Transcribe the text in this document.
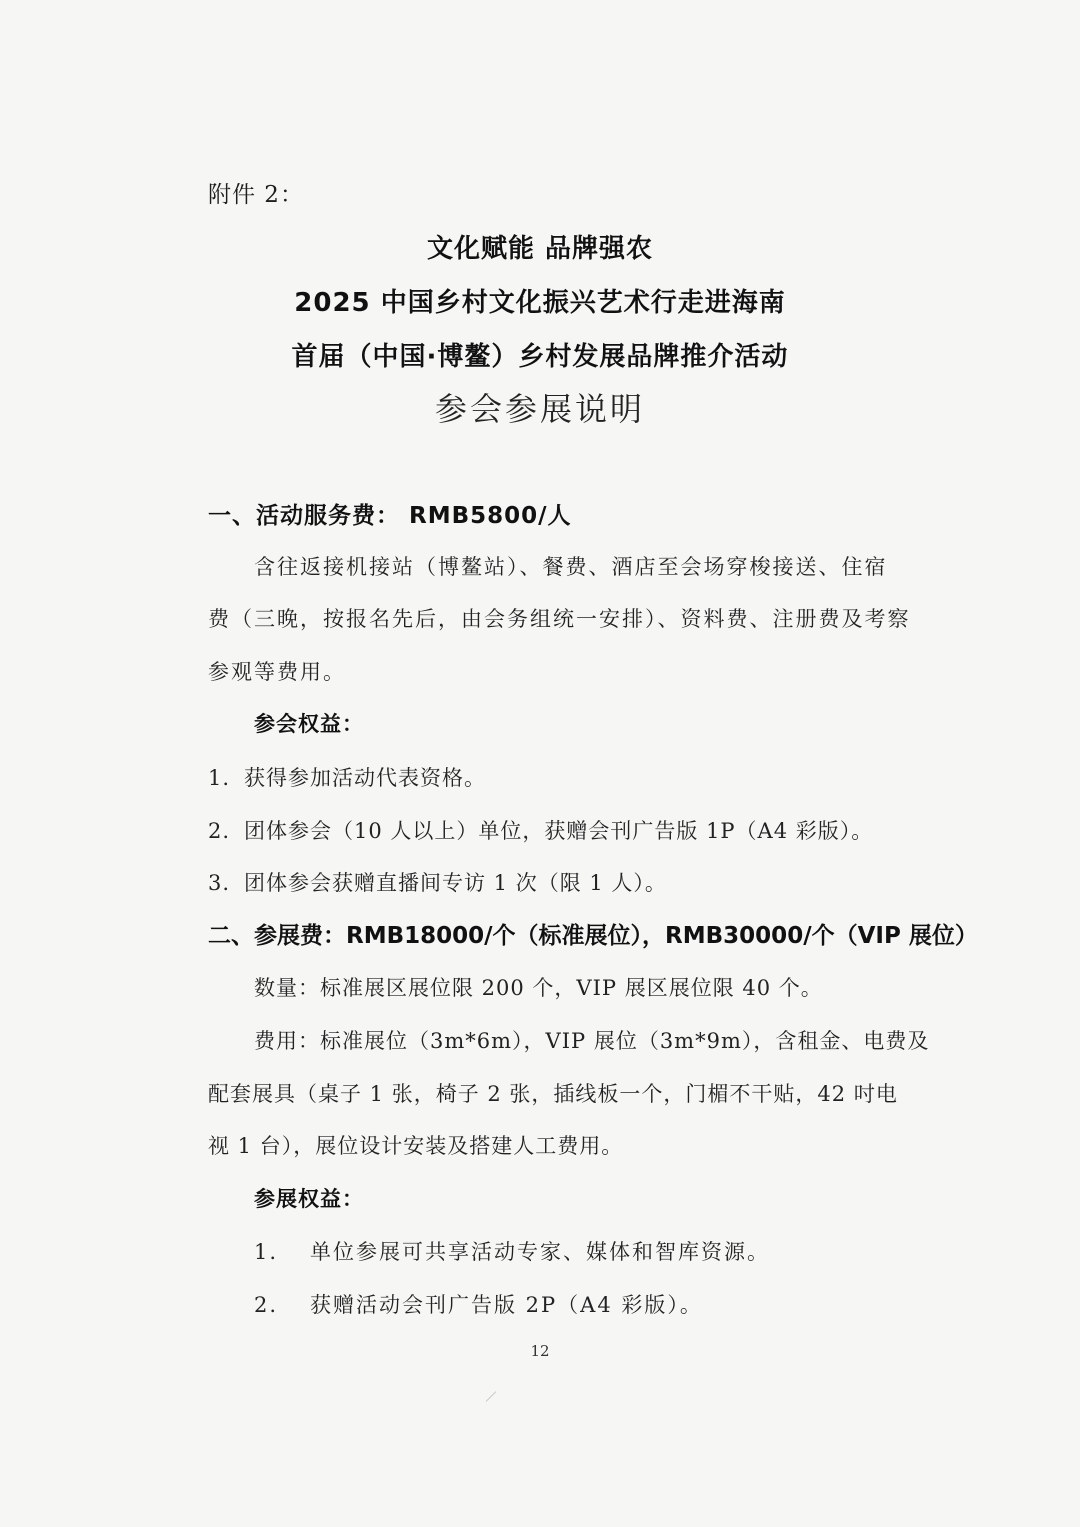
附件 2：
文化赋能 品牌强农
2025 中国乡村文化振兴艺术行走进海南
首届（中国·博鳌）乡村发展品牌推介活动
参会参展说明
一、活动服务费： RMB5800/人
含往返接机接站（博鳌站）、餐费、酒店至会场穿梭接送、住宿
费（三晚，按报名先后，由会务组统一安排）、资料费、注册费及考察
参观等费用。
参会权益：
1. 获得参加活动代表资格。
2. 团体参会（10 人以上）单位，获赠会刊广告版 1P（A4 彩版）。
3. 团体参会获赠直播间专访 1 次（限 1 人）。
二、参展费：RMB18000/个（标准展位），RMB30000/个（VIP 展位）
数量：标准展区展位限 200 个，VIP 展区展位限 40 个。
费用：标准展位（3m*6m），VIP 展位（3m*9m），含租金、电费及
配套展具（桌子 1 张，椅子 2 张，插线板一个，门楣不干贴，42 吋电
视 1 台），展位设计安装及搭建人工费用。
参展权益：
1. 单位参展可共享活动专家、媒体和智库资源。
2. 获赠活动会刊广告版 2P（A4 彩版）。
12
